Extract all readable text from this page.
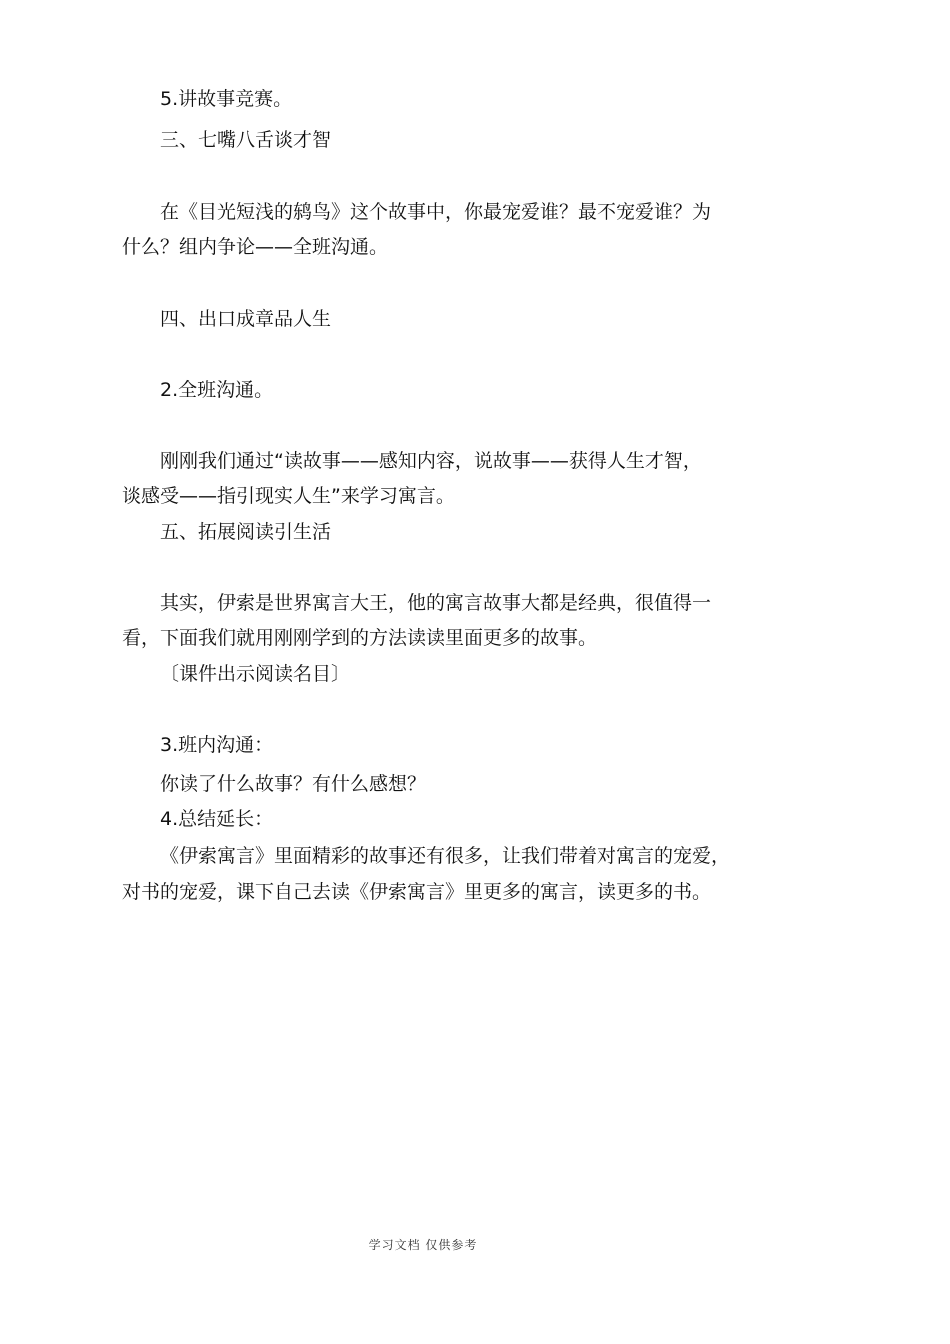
5.讲故事竞赛。
三、七嘴八舌谈才智
在《目光短浅的鸫鸟》这个故事中，你最宠爱谁？最不宠爱谁？为
什么？组内争论——全班沟通。
四、出口成章品人生
2.全班沟通。
刚刚我们通过“读故事——感知内容，说故事——获得人生才智，
谈感受——指引现实人生”来学习寓言。
五、拓展阅读引生活
其实，伊索是世界寓言大王，他的寓言故事大都是经典，很值得一
看，下面我们就用刚刚学到的方法读读里面更多的故事。
〔课件出示阅读名目〕
3.班内沟通：
你读了什么故事？有什么感想？
4.总结延长：
《伊索寓言》里面精彩的故事还有很多，让我们带着对寓言的宠爱，
对书的宠爱，课下自己去读《伊索寓言》里更多的寓言，读更多的书。
学习文档 仅供参考
